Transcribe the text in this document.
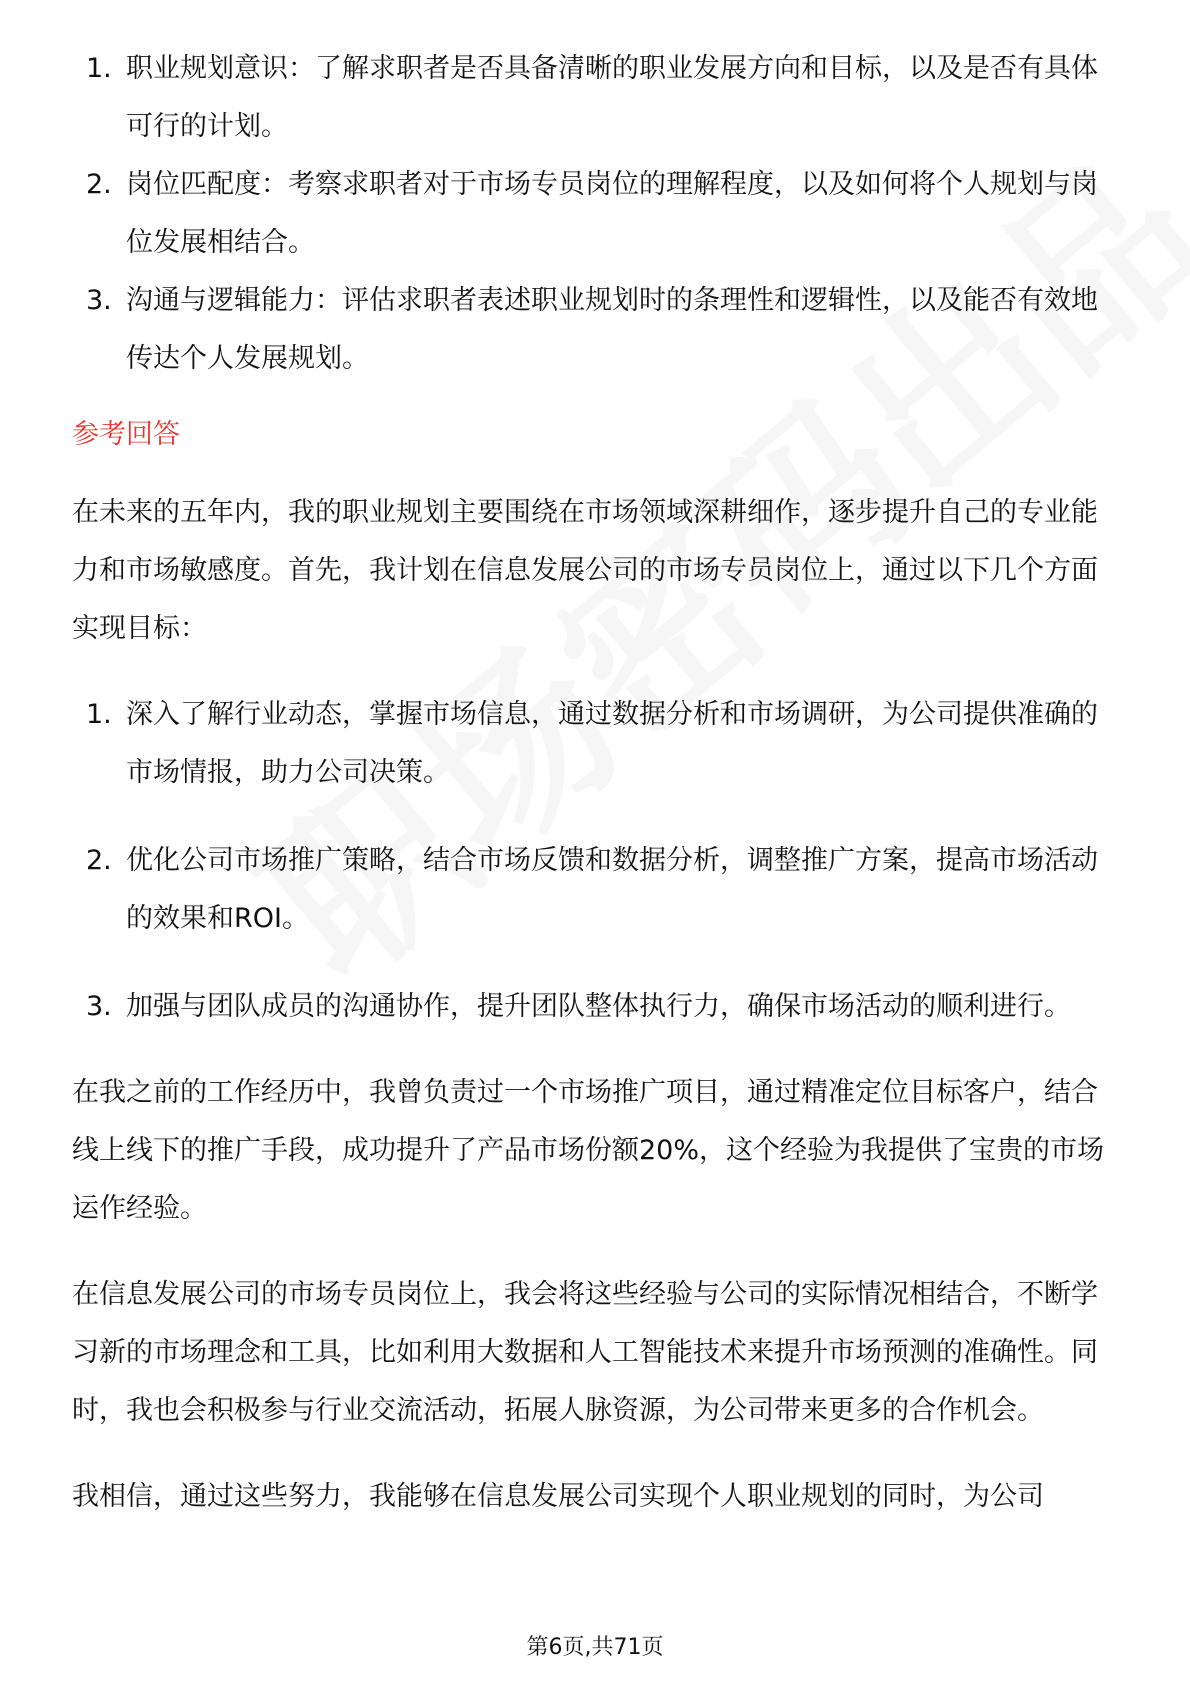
1. 职业规划意识：了解求职者是否具备清晰的职业发展方向和目标，以及是否有具体可行的计划。
2. 岗位匹配度：考察求职者对于市场专员岗位的理解程度，以及如何将个人规划与岗位发展相结合。
3. 沟通与逻辑能力：评估求职者表述职业规划时的条理性和逻辑性，以及能否有效地传达个人发展规划。
参考回答

在未来的五年内，我的职业规划主要围绕在市场领域深耕细作，逐步提升自己的专业能力和市场敏感度。首先，我计划在信息发展公司的市场专员岗位上，通过以下几个方面实现目标：

1. 深入了解行业动态，掌握市场信息，通过数据分析和市场调研，为公司提供准确的市场情报，助力公司决策。
2. 优化公司市场推广策略，结合市场反馈和数据分析，调整推广方案，提高市场活动的效果和ROI。
3. 加强与团队成员的沟通协作，提升团队整体执行力，确保市场活动的顺利进行。

在我之前的工作经历中，我曾负责过一个市场推广项目，通过精准定位目标客户，结合线上线下的推广手段，成功提升了产品市场份额20%，这个经验为我提供了宝贵的市场运作经验。

在信息发展公司的市场专员岗位上，我会将这些经验与公司的实际情况相结合，不断学习新的市场理念和工具，比如利用大数据和人工智能技术来提升市场预测的准确性。同时，我也会积极参与行业交流活动，拓展人脉资源，为公司带来更多的合作机会。

我相信，通过这些努力，我能够在信息发展公司实现个人职业规划的同时，为公司

第6页,共71页
